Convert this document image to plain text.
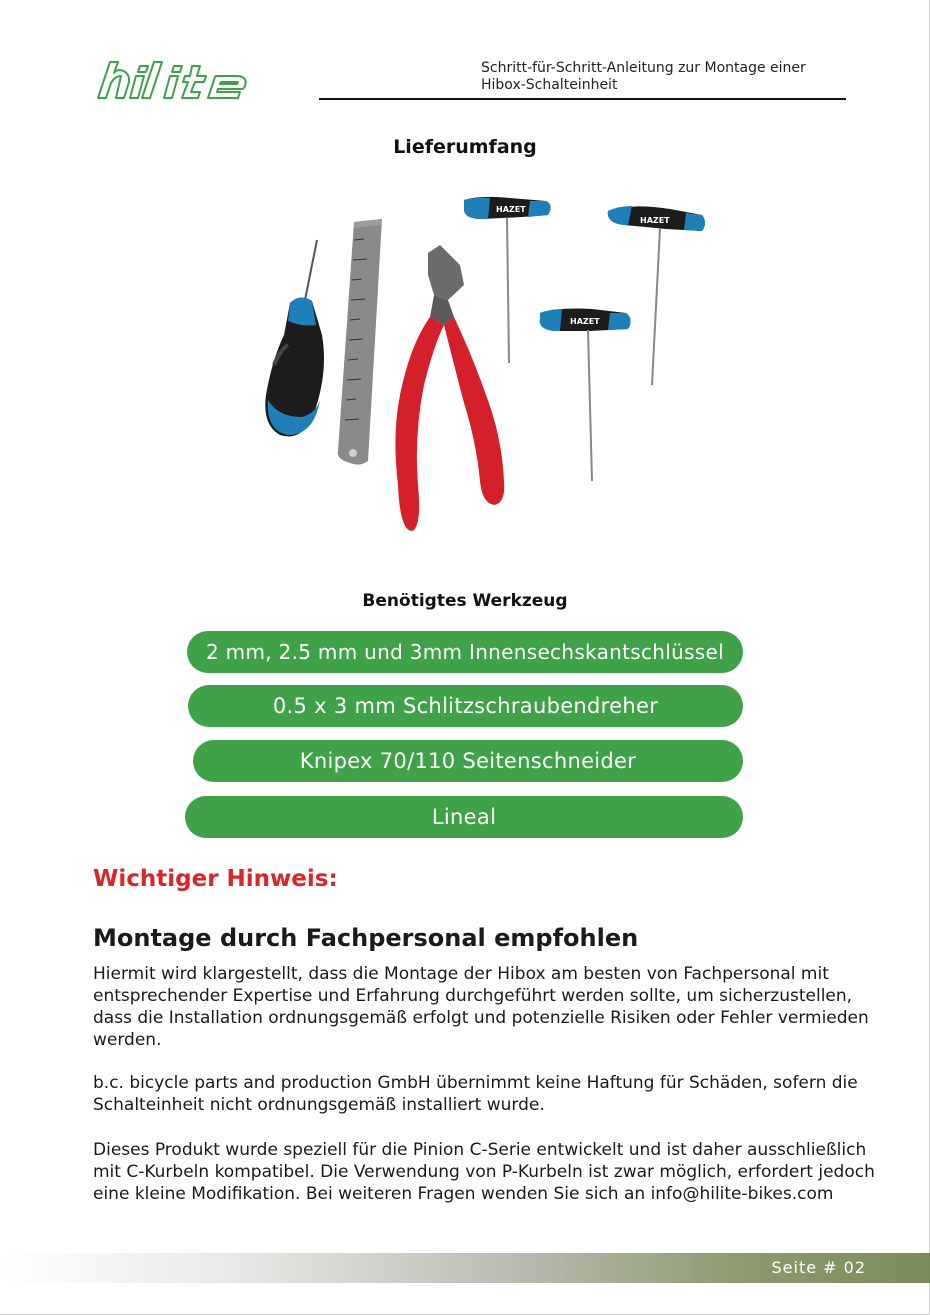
Schritt-für-Schritt-Anleitung zur Montage einer
Hibox-Schalteinheit
Lieferumfang
HAZET
HAZET
HAZET
Benötigtes Werkzeug
2 mm, 2.5 mm und 3mm Innensechskantschlüssel
0.5 x 3 mm Schlitzschraubendreher
Knipex 70/110 Seitenschneider
Lineal
Wichtiger Hinweis:
Montage durch Fachpersonal empfohlen
Hiermit wird klargestellt, dass die Montage der Hibox am besten von Fachpersonal mit entsprechender Expertise und Erfahrung durchgeführt werden sollte, um sicherzustellen, dass die Installation ordnungsgemäß erfolgt und potenzielle Risiken oder Fehler vermieden werden.
b.c. bicycle parts and production GmbH übernimmt keine Haftung für Schäden, sofern die Schalteinheit nicht ordnungsgemäß installiert wurde.
Dieses Produkt wurde speziell für die Pinion C-Serie entwickelt und ist daher ausschließlich mit C-Kurbeln kompatibel. Die Verwendung von P-Kurbeln ist zwar möglich, erfordert jedoch eine kleine Modifikation. Bei weiteren Fragen wenden Sie sich an info@hilite-bikes.com
Seite # 02
